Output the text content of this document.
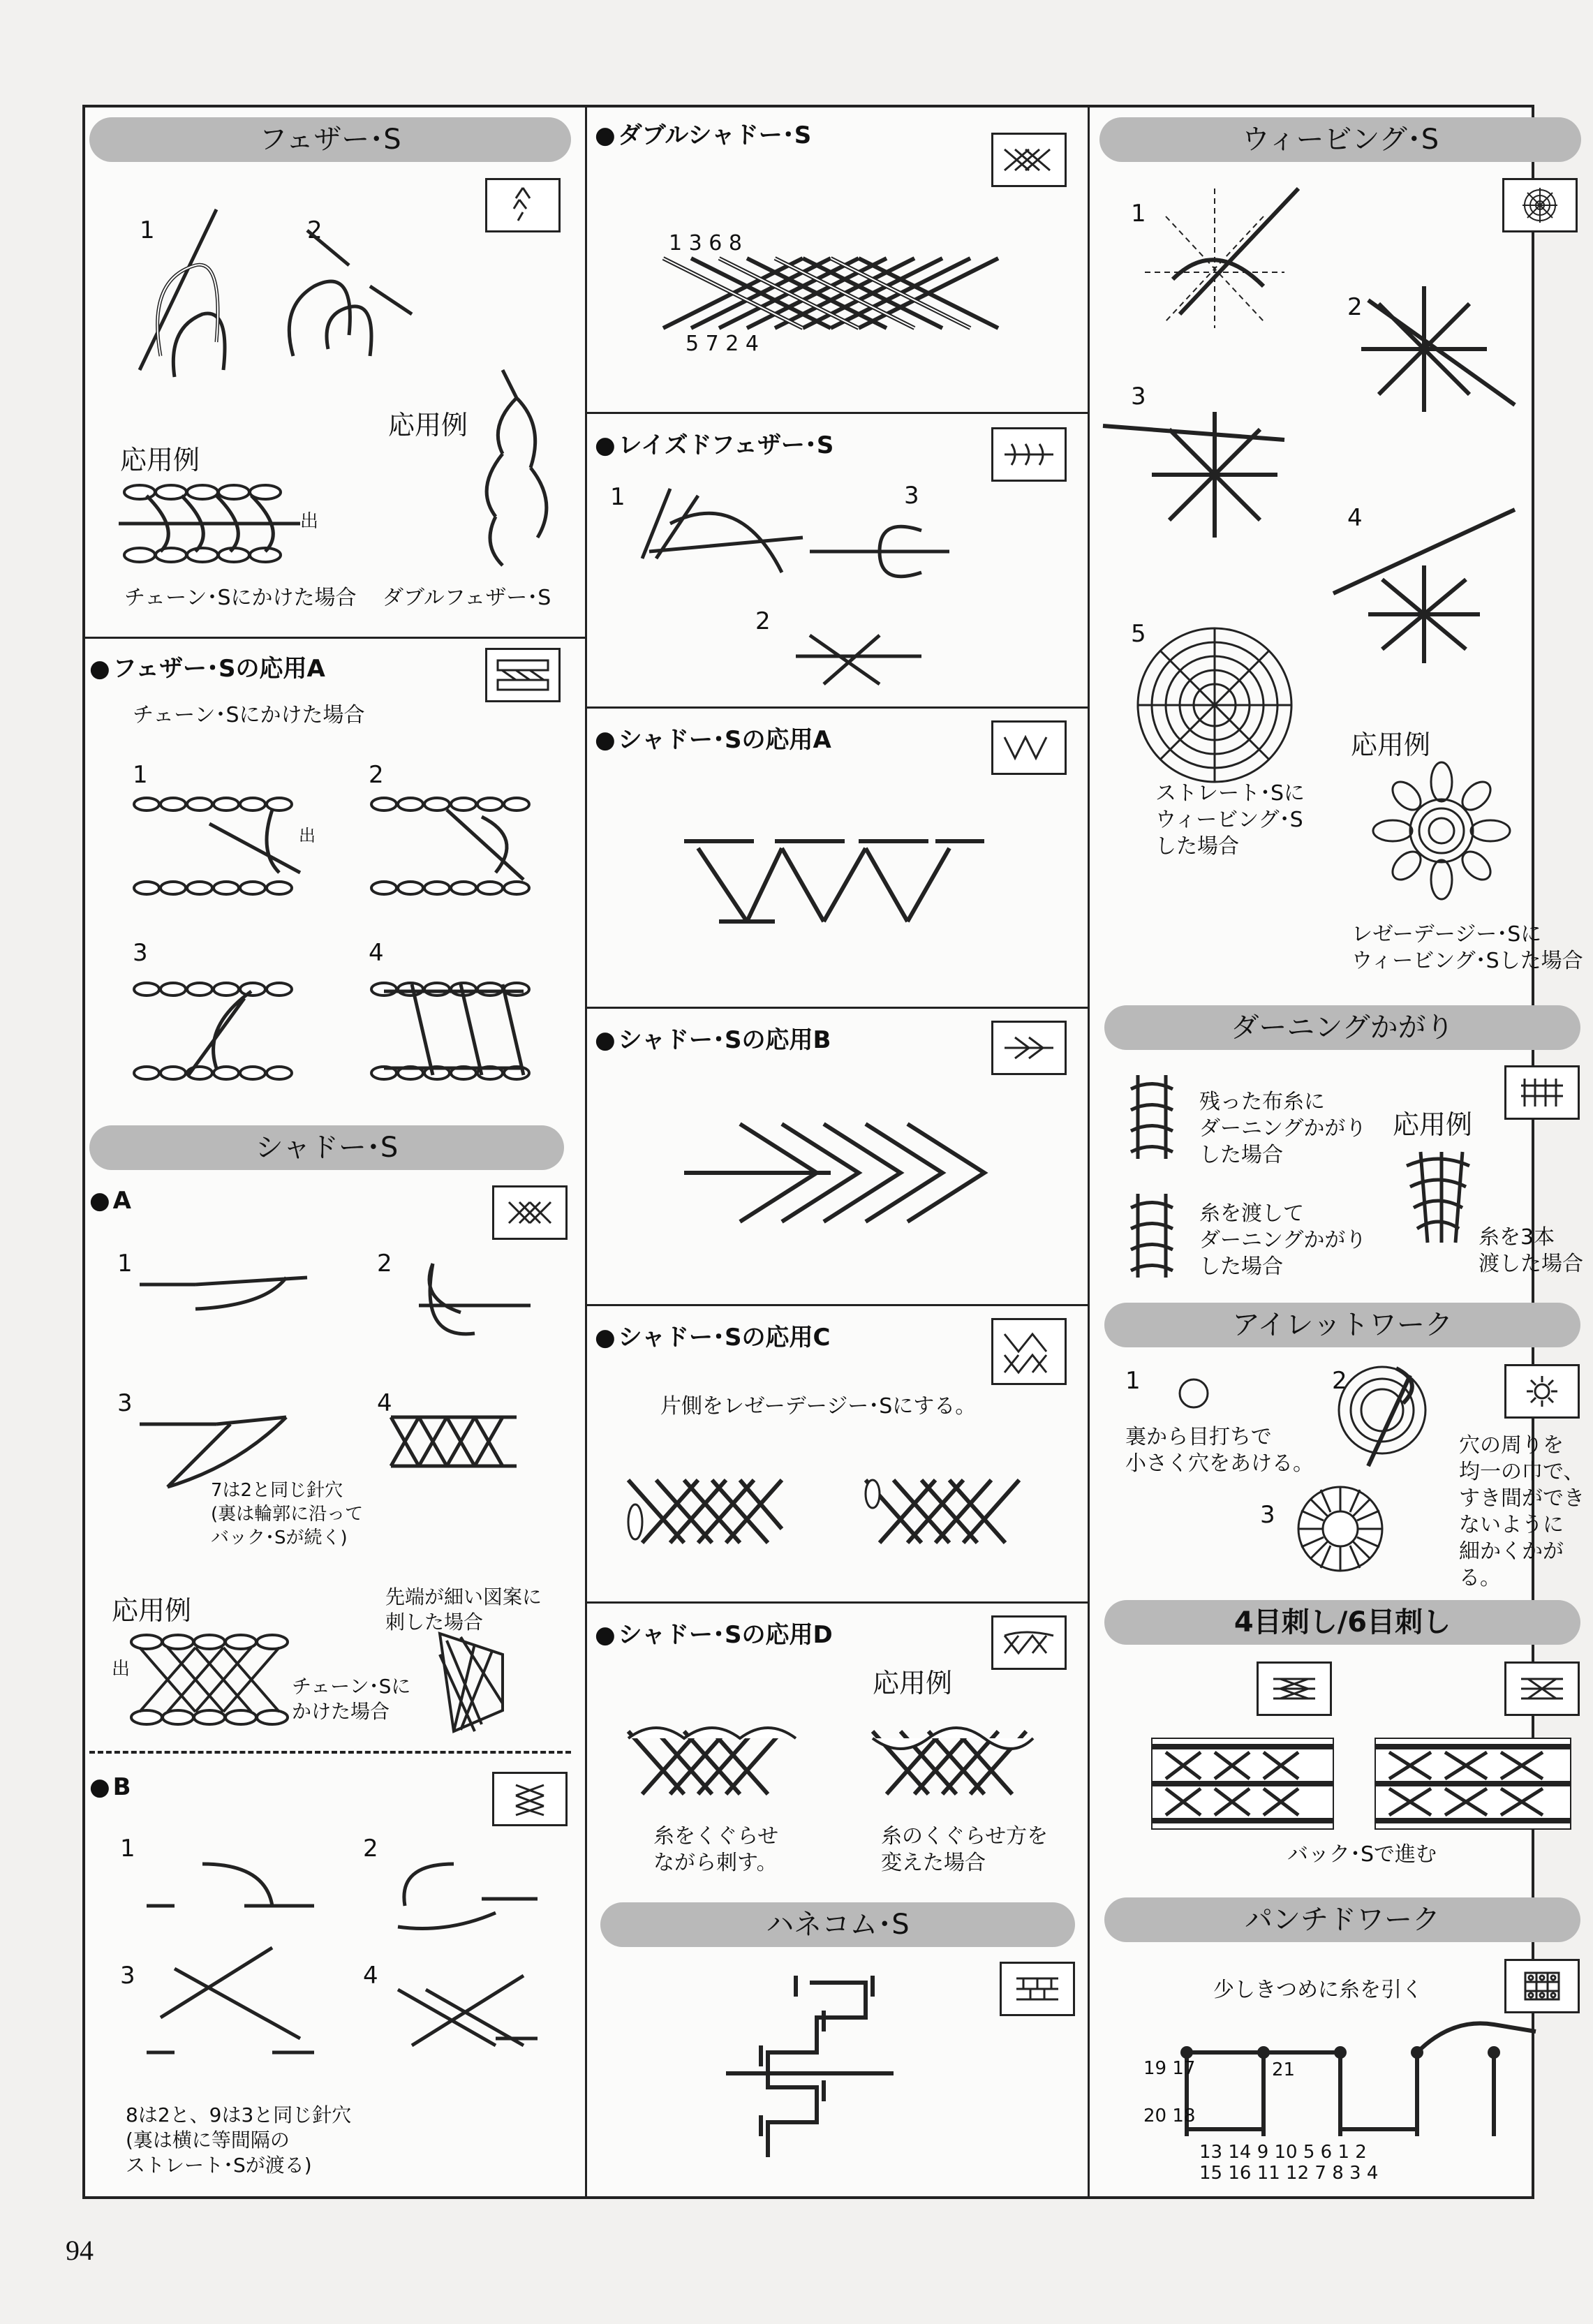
フェザー･S
1	2
応用例
応用例
出
チェーン･Sにかけた場合 ダブルフェザー･S
● フェザー･Sの応用A
チェーン･Sにかけた場合
1	2
3	4
出
シャドー･S
● A
1	2
3	4
7は2と同じ針穴
(裏は輪郭に沿って
バック･Sが続く)
応用例	先端が細い図案に
刺した場合
出
チェーン･Sに
かけた場合
● B
1	2
3	4
8は2と、9は3と同じ針穴
(裏は横に等間隔の
ストレート･Sが渡る)
● ダブルシャドー･S
1 3 6 8
5 7 2 4
● レイズドフェザー･S
1	3
2
● シャドー･Sの応用A
● シャドー･Sの応用B
● シャドー･Sの応用C
片側をレゼーデージー･Sにする。
● シャドー･Sの応用D
応用例
糸をくぐらせ
ながら刺す。
糸のくぐらせ方を
変えた場合
ハネコム･S
ウィービング･S
1
2
3
4
5
応用例
ストレート･Sに
ウィービング･S
した場合
レゼーデージー･Sに
ウィービング･Sした場合
ダーニングかがり
残った布糸に
ダーニングかがり
した場合
応用例
糸を渡して
ダーニングかがり
した場合
糸を3本
渡した場合
アイレットワーク
1	2
3
裏から目打ちで
小さく穴をあける。
穴の周りを
均一の巾で、
すき間ができ
ないように
細かくかがる。
4目刺し/6目刺し
バック･Sで進む
パンチドワーク
少しきつめに糸を引く
19 17

20 18
21
13 14 9 10 5 6 1 2
15 16 11 12 7 8 3 4
94
